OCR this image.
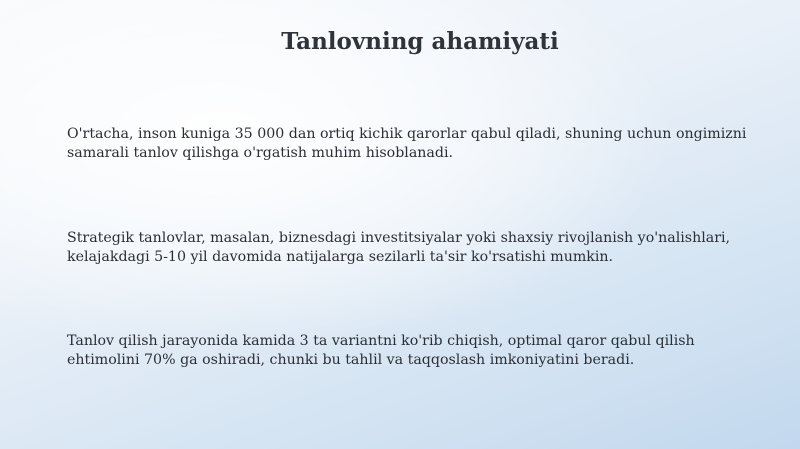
Tanlovning ahamiyati

O'rtacha, inson kuniga 35 000 dan ortiq kichik qarorlar qabul qiladi, shuning uchun ongimizni samarali tanlov qilishga o'rgatish muhim hisoblanadi.

Strategik tanlovlar, masalan, biznesdagi investitsiyalar yoki shaxsiy rivojlanish yo'nalishlari, kelajakdagi 5-10 yil davomida natijalarga sezilarli ta'sir ko'rsatishi mumkin.

Tanlov qilish jarayonida kamida 3 ta variantni ko'rib chiqish, optimal qaror qabul qilish ehtimolini 70% ga oshiradi, chunki bu tahlil va taqqoslash imkoniyatini beradi.
